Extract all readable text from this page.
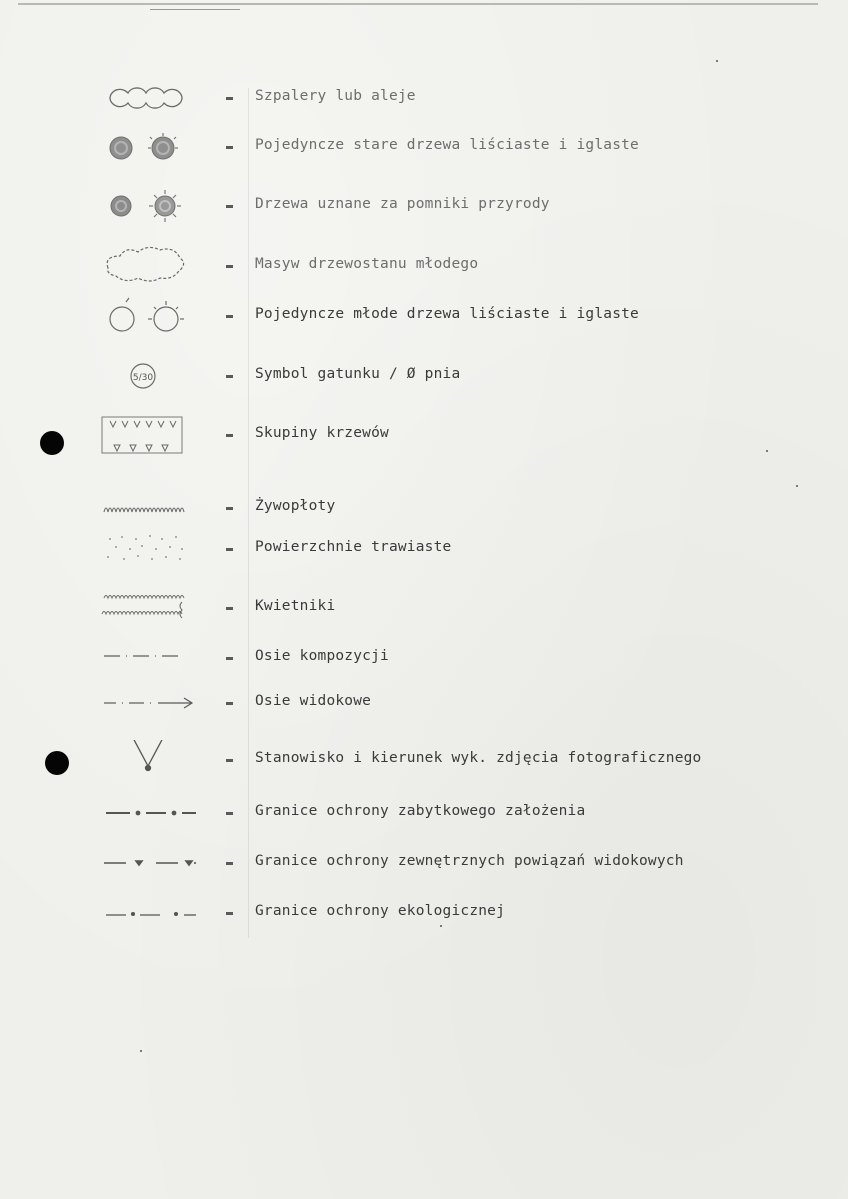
Szpalery lub aleje
Pojedyncze stare drzewa liściaste i iglaste
Drzewa uznane za pomniki przyrody
Masyw drzewostanu młodego
Pojedyncze młode drzewa liściaste i iglaste
5/30	Symbol gatunku / Ø pnia
Skupiny krzewów
Żywopłoty
Powierzchnie trawiaste
Kwietniki
Osie kompozycji
Osie widokowe
Stanowisko i kierunek wyk. zdjęcia fotograficznego
Granice ochrony zabytkowego założenia
Granice ochrony zewnętrznych powiązań widokowych
Granice ochrony ekologicznej
